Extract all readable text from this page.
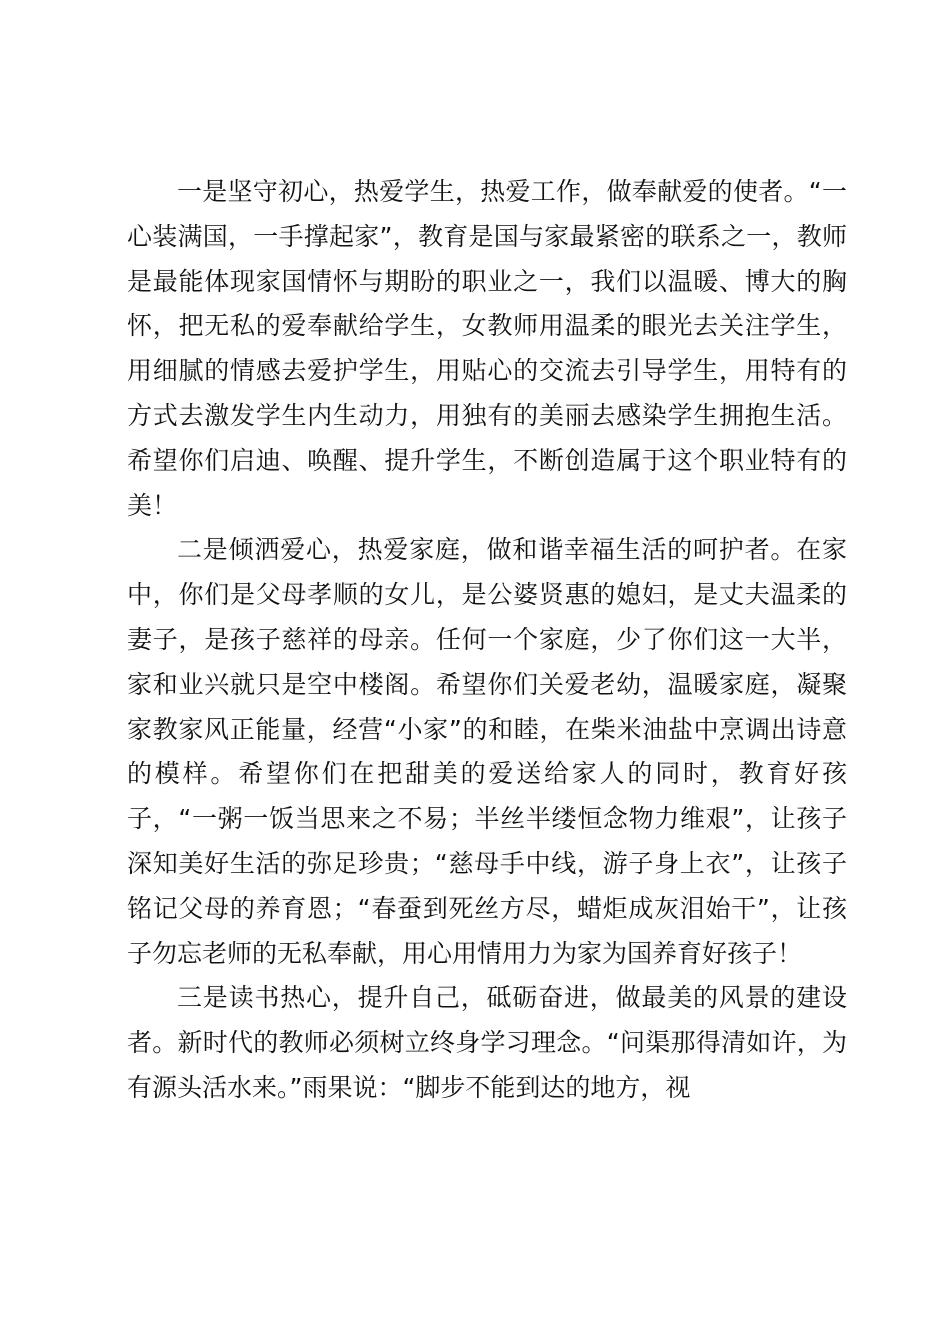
一是坚守初心，热爱学生，热爱工作，做奉献爱的使者。“一心装满国，一手撑起家”，教育是国与家最紧密的联系之一，教师是最能体现家国情怀与期盼的职业之一，我们以温暖、博大的胸怀，把无私的爱奉献给学生，女教师用温柔的眼光去关注学生，用细腻的情感去爱护学生，用贴心的交流去引导学生，用特有的方式去激发学生内生动力，用独有的美丽去感染学生拥抱生活。希望你们启迪、唤醒、提升学生，不断创造属于这个职业特有的美！

二是倾洒爱心，热爱家庭，做和谐幸福生活的呵护者。在家中，你们是父母孝顺的女儿，是公婆贤惠的媳妇，是丈夫温柔的妻子，是孩子慈祥的母亲。任何一个家庭，少了你们这一大半，家和业兴就只是空中楼阁。希望你们关爱老幼，温暖家庭，凝聚家教家风正能量，经营“小家”的和睦，在柴米油盐中烹调出诗意的模样。希望你们在把甜美的爱送给家人的同时，教育好孩子，“一粥一饭当思来之不易；半丝半缕恒念物力维艰”，让孩子深知美好生活的弥足珍贵；“慈母手中线，游子身上衣”，让孩子铭记父母的养育恩；“春蚕到死丝方尽，蜡炬成灰泪始干”，让孩子勿忘老师的无私奉献，用心用情用力为家为国养育好孩子！

三是读书热心，提升自己，砥砺奋进，做最美的风景的建设者。新时代的教师必须树立终身学习理念。“问渠那得清如许，为有源头活水来。”雨果说：“脚步不能到达的地方，视
